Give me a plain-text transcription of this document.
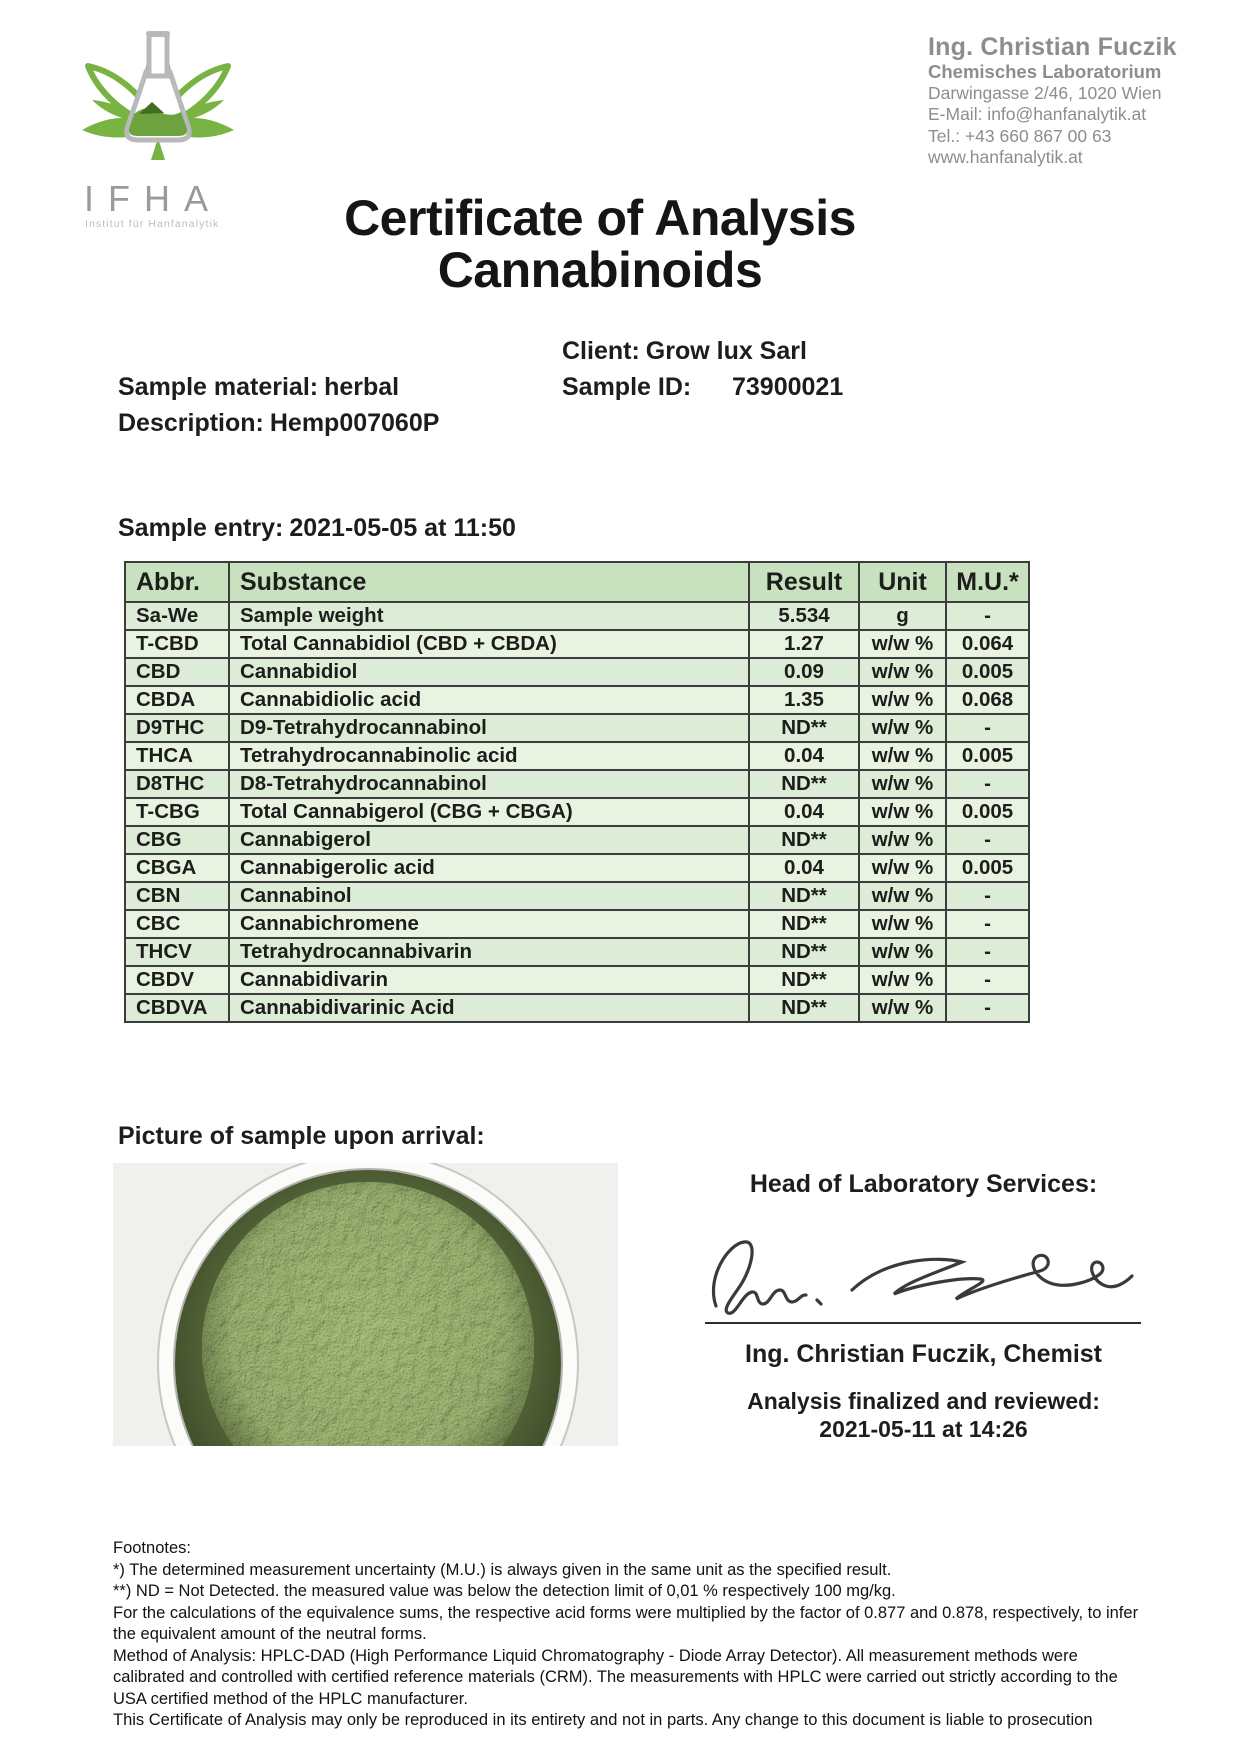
IFHA
Institut für Hanfanalytik
Ing. Christian Fuczik
Chemisches Laboratorium
Darwingasse 2/46, 1020 Wien
E-Mail: info@hanfanalytik.at
Tel.: +43 660 867 00 63
www.hanfanalytik.at
Certificate of Analysis
Cannabinoids
Client: Grow lux Sarl
Sample material: herbal	Sample ID: 73900021
Description: Hemp007060P
Sample entry: 2021-05-05 at 11:50
Abbr.	Substance	Result	Unit	M.U.*
Sa-We	Sample weight	5.534	g	-
T-CBD	Total Cannabidiol (CBD + CBDA)	1.27	w/w %	0.064
CBD	Cannabidiol	0.09	w/w %	0.005
CBDA	Cannabidiolic acid	1.35	w/w %	0.068
D9THC	D9-Tetrahydrocannabinol	ND**	w/w %	-
THCA	Tetrahydrocannabinolic acid	0.04	w/w %	0.005
D8THC	D8-Tetrahydrocannabinol	ND**	w/w %	-
T-CBG	Total Cannabigerol (CBG + CBGA)	0.04	w/w %	0.005
CBG	Cannabigerol	ND**	w/w %	-
CBGA	Cannabigerolic acid	0.04	w/w %	0.005
CBN	Cannabinol	ND**	w/w %	-
CBC	Cannabichromene	ND**	w/w %	-
THCV	Tetrahydrocannabivarin	ND**	w/w %	-
CBDV	Cannabidivarin	ND**	w/w %	-
CBDVA	Cannabidivarinic Acid	ND**	w/w %	-
Picture of sample upon arrival:
Head of Laboratory Services:
Ing. Christian Fuczik, Chemist
Analysis finalized and reviewed:
2021-05-11 at 14:26

Footnotes:

*) The determined measurement uncertainty (M.U.) is always given in the same unit as the specified result.

**) ND = Not Detected. the measured value was below the detection limit of 0,01 % respectively 100 mg/kg.

For the calculations of the equivalence sums, the respective acid forms were multiplied by the factor of 0.877 and 0.878, respectively, to infer the equivalent amount of the neutral forms.

Method of Analysis: HPLC-DAD (High Performance Liquid Chromatography - Diode Array Detector). All measurement methods were calibrated and controlled with certified reference materials (CRM). The measurements with HPLC were carried out strictly according to the USA certified method of the HPLC manufacturer.

This Certificate of Analysis may only be reproduced in its entirety and not in parts. Any change to this document is liable to prosecution
